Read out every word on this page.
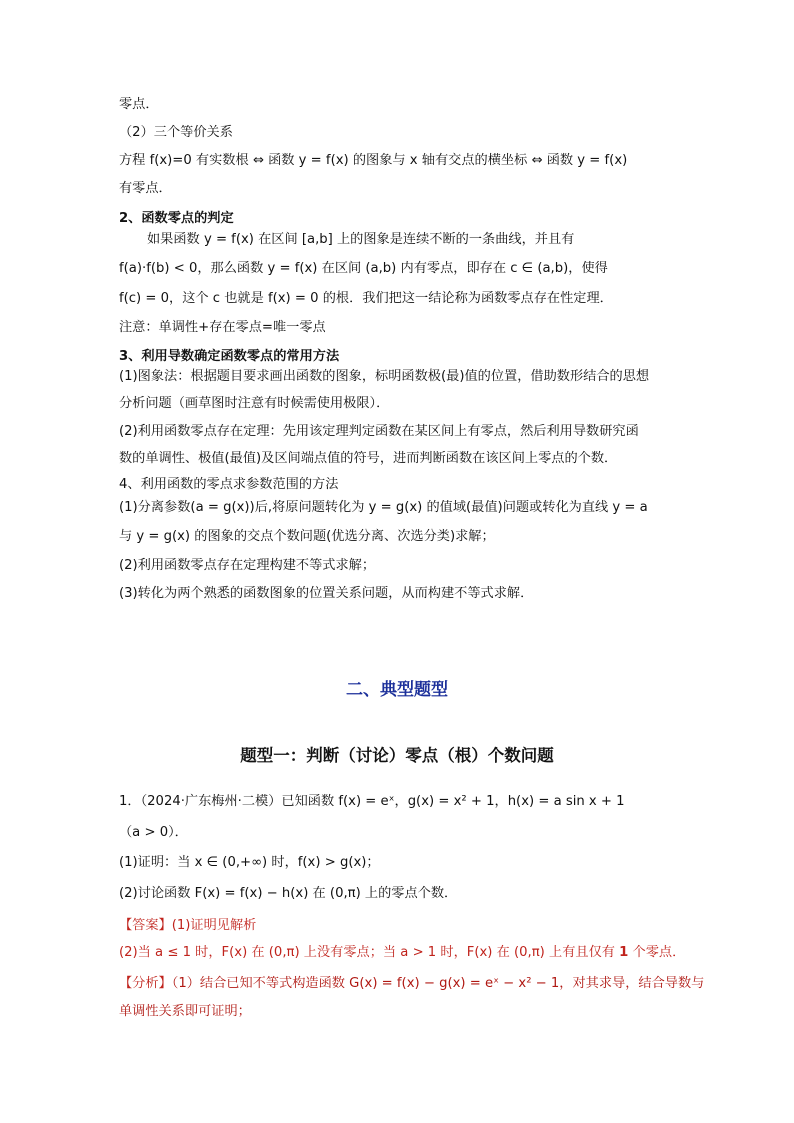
零点．
（2）三个等价关系
方程 f(x)=0 有实数根 ⇔ 函数 y = f(x) 的图象与 x 轴有交点的横坐标 ⇔ 函数 y = f(x)
有零点．
2、函数零点的判定
如果函数 y = f(x) 在区间 [a,b] 上的图象是连续不断的一条曲线，并且有
f(a)·f(b) < 0，那么函数 y = f(x) 在区间 (a,b) 内有零点，即存在 c ∈ (a,b)，使得
f(c) = 0，这个 c 也就是 f(x) = 0 的根．我们把这一结论称为函数零点存在性定理．
注意：单调性+存在零点=唯一零点
3、利用导数确定函数零点的常用方法
(1)图象法：根据题目要求画出函数的图象，标明函数极(最)值的位置，借助数形结合的思想
分析问题（画草图时注意有时候需使用极限）．
(2)利用函数零点存在定理：先用该定理判定函数在某区间上有零点，然后利用导数研究函
数的单调性、极值(最值)及区间端点值的符号，进而判断函数在该区间上零点的个数．
4、利用函数的零点求参数范围的方法
(1)分离参数(a = g(x))后,将原问题转化为 y = g(x) 的值域(最值)问题或转化为直线 y = a
与 y = g(x) 的图象的交点个数问题(优选分离、次选分类)求解；
(2)利用函数零点存在定理构建不等式求解；
(3)转化为两个熟悉的函数图象的位置关系问题，从而构建不等式求解．
二、典型题型
题型一：判断（讨论）零点（根）个数问题
1．（2024·广东梅州·二模）已知函数 f(x) = eˣ，g(x) = x² + 1，h(x) = a sin x + 1
（a > 0）．
(1)证明：当 x ∈ (0,+∞) 时，f(x) > g(x)；
(2)讨论函数 F(x) = f(x) − h(x) 在 (0,π) 上的零点个数．
【答案】(1)证明见解析
(2)当 a ≤ 1 时，F(x) 在 (0,π) 上没有零点；当 a > 1 时，F(x) 在 (0,π) 上有且仅有 1 个零点．
【分析】（1）结合已知不等式构造函数 G(x) = f(x) − g(x) = eˣ − x² − 1，对其求导，结合导数与
单调性关系即可证明；
